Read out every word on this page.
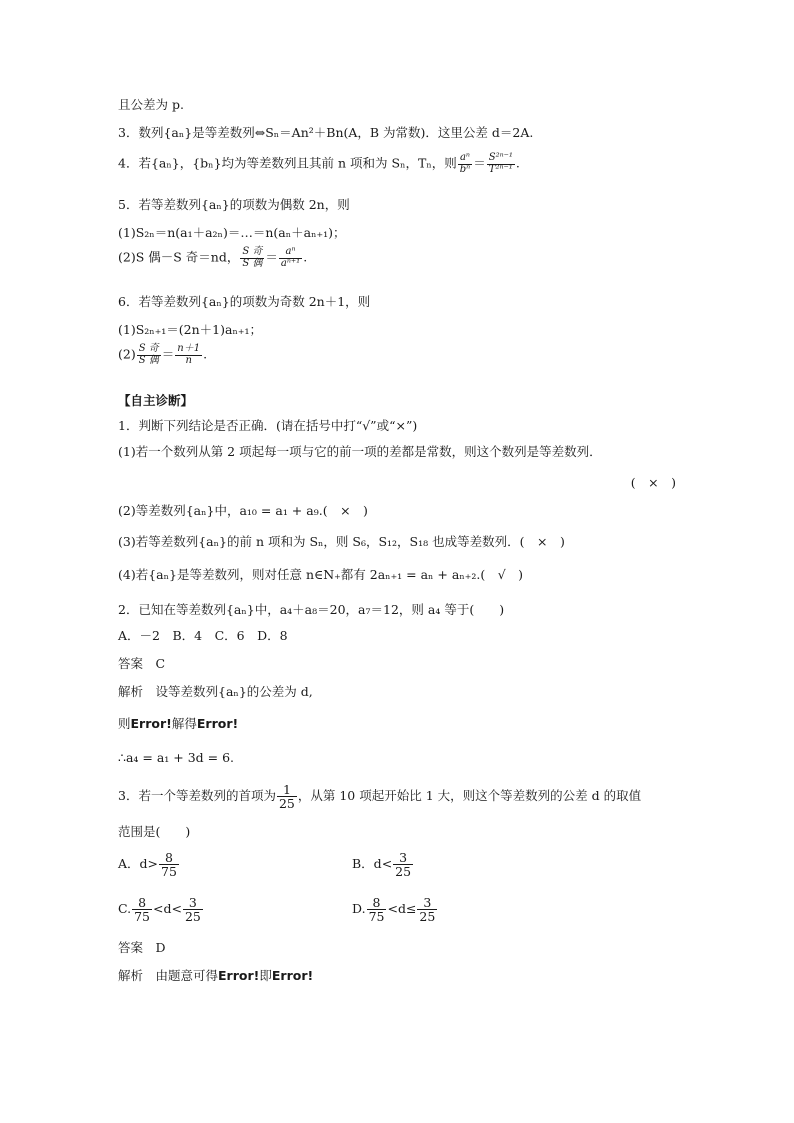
且公差为 p.
3．数列{aₙ}是等差数列⇔Sₙ＝An²＋Bn(A，B 为常数)．这里公差 d＝2A.
4．若{aₙ}，{bₙ}均为等差数列且其前 n 项和为 Sₙ，Tₙ，则 $\frac{\text{aⁿ}}{\text{bⁿ}} = \frac{\text{S²ⁿ⁻¹}}{\text{T²ⁿ⁻¹}}$ .
5．若等差数列{aₙ}的项数为偶数 2n，则
(1)S₂ₙ＝n(a₁＋a₂ₙ)＝…＝n(aₙ＋aₙ₊₁)；
(2)S 偶－S 奇＝nd， $\frac{\text{S 奇}}{\text{S 偶}} = \frac{\text{aⁿ}}{\text{aⁿ⁺¹}}$ .
6．若等差数列{aₙ}的项数为奇数 2n＋1，则
(1)S₂ₙ₊₁＝(2n＋1)aₙ₊₁；
$(2) \frac{\text{S 奇}}{\text{S 偶}} = \frac{n+1}{n}$ .
【自主诊断】
1．判断下列结论是否正确．(请在括号中打“√”或“×”)
(1)若一个数列从第 2 项起每一项与它的前一项的差都是常数，则这个数列是等差数列．
(　×　)
(2)等差数列{aₙ}中，a₁₀ = a₁ + a₉.(　×　)
(3)若等差数列{aₙ}的前 n 项和为 Sₙ，则 S₆，S₁₂，S₁₈ 也成等差数列．(　×　)
(4)若{aₙ}是等差数列，则对任意 n∈N₊都有 2aₙ₊₁ = aₙ + aₙ₊₂.(　√　)
2．已知在等差数列{aₙ}中，a₄＋a₈＝20，a₇＝12，则 a₄ 等于(　　)
A．－2　B．4　C．6　D．8
答案　C
解析　设等差数列{aₙ}的公差为 d,
则Error!解得Error!
∴a₄ = a₁ + 3d = 6.
3．若一个等差数列的首项为 $\frac{1}{25}$ ，从第 10 项起开始比 1 大，则这个等差数列的公差 d 的取值
范围是(　　)
A．$d> \frac{8}{75}$	B．$d< \frac{3}{25}$
C. $\frac{8}{75} <d< \frac{3}{25}$	D. $\frac{8}{75} <d\le \frac{3}{25}$
答案　D
解析　由题意可得Error!即Error!
